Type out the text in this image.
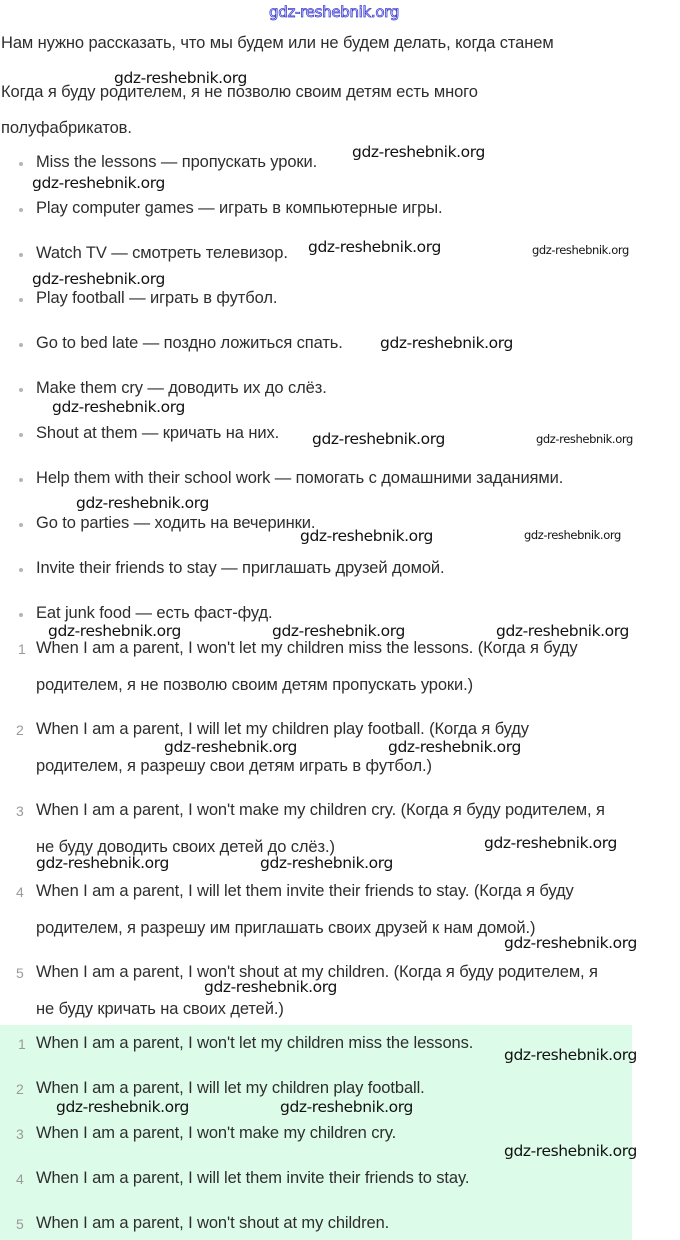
gdz-reshebnik.org
Нам нужно рассказать, что мы будем или не будем делать, когда станем
Когда я буду родителем, я не позволю своим детям есть много
полуфабрикатов.
Miss the lessons — пропускать уроки.
Play computer games — играть в компьютерные игры.
Watch TV — смотреть телевизор.
Play football — играть в футбол.
Go to bed late — поздно ложиться спать.
Make them cry — доводить их до слёз.
Shout at them — кричать на них.
Help them with their school work — помогать с домашними заданиями.
Go to parties — ходить на вечеринки.
Invite their friends to stay — приглашать друзей домой.
Eat junk food — есть фаст-фуд.
1 When I am a parent, I won't let my children miss the lessons. (Когда я буду
родителем, я не позволю своим детям пропускать уроки.)
2 When I am a parent, I will let my children play football. (Когда я буду
родителем, я разрешу свои детям играть в футбол.)
3 When I am a parent, I won't make my children cry. (Когда я буду родителем, я
не буду доводить своих детей до слёз.)
4 When I am a parent, I will let them invite their friends to stay. (Когда я буду
родителем, я разрешу им приглашать своих друзей к нам домой.)
5 When I am a parent, I won't shout at my children. (Когда я буду родителем, я
не буду кричать на своих детей.)
1 When I am a parent, I won't let my children miss the lessons.
2 When I am a parent, I will let my children play football.
3 When I am a parent, I won't make my children cry.
4 When I am a parent, I will let them invite their friends to stay.
5 When I am a parent, I won't shout at my children.
gdz-reshebnik.org
gdz-reshebnik.org
gdz-reshebnik.org
gdz-reshebnik.org	gdz-reshebnik.org
gdz-reshebnik.org
gdz-reshebnik.org
gdz-reshebnik.org
gdz-reshebnik.org	gdz-reshebnik.org
gdz-reshebnik.org
gdz-reshebnik.org	gdz-reshebnik.org
gdz-reshebnik.org	gdz-reshebnik.org	gdz-reshebnik.org
gdz-reshebnik.org	gdz-reshebnik.org
gdz-reshebnik.org
gdz-reshebnik.org	gdz-reshebnik.org
gdz-reshebnik.org
gdz-reshebnik.org
gdz-reshebnik.org
gdz-reshebnik.org	gdz-reshebnik.org
gdz-reshebnik.org
